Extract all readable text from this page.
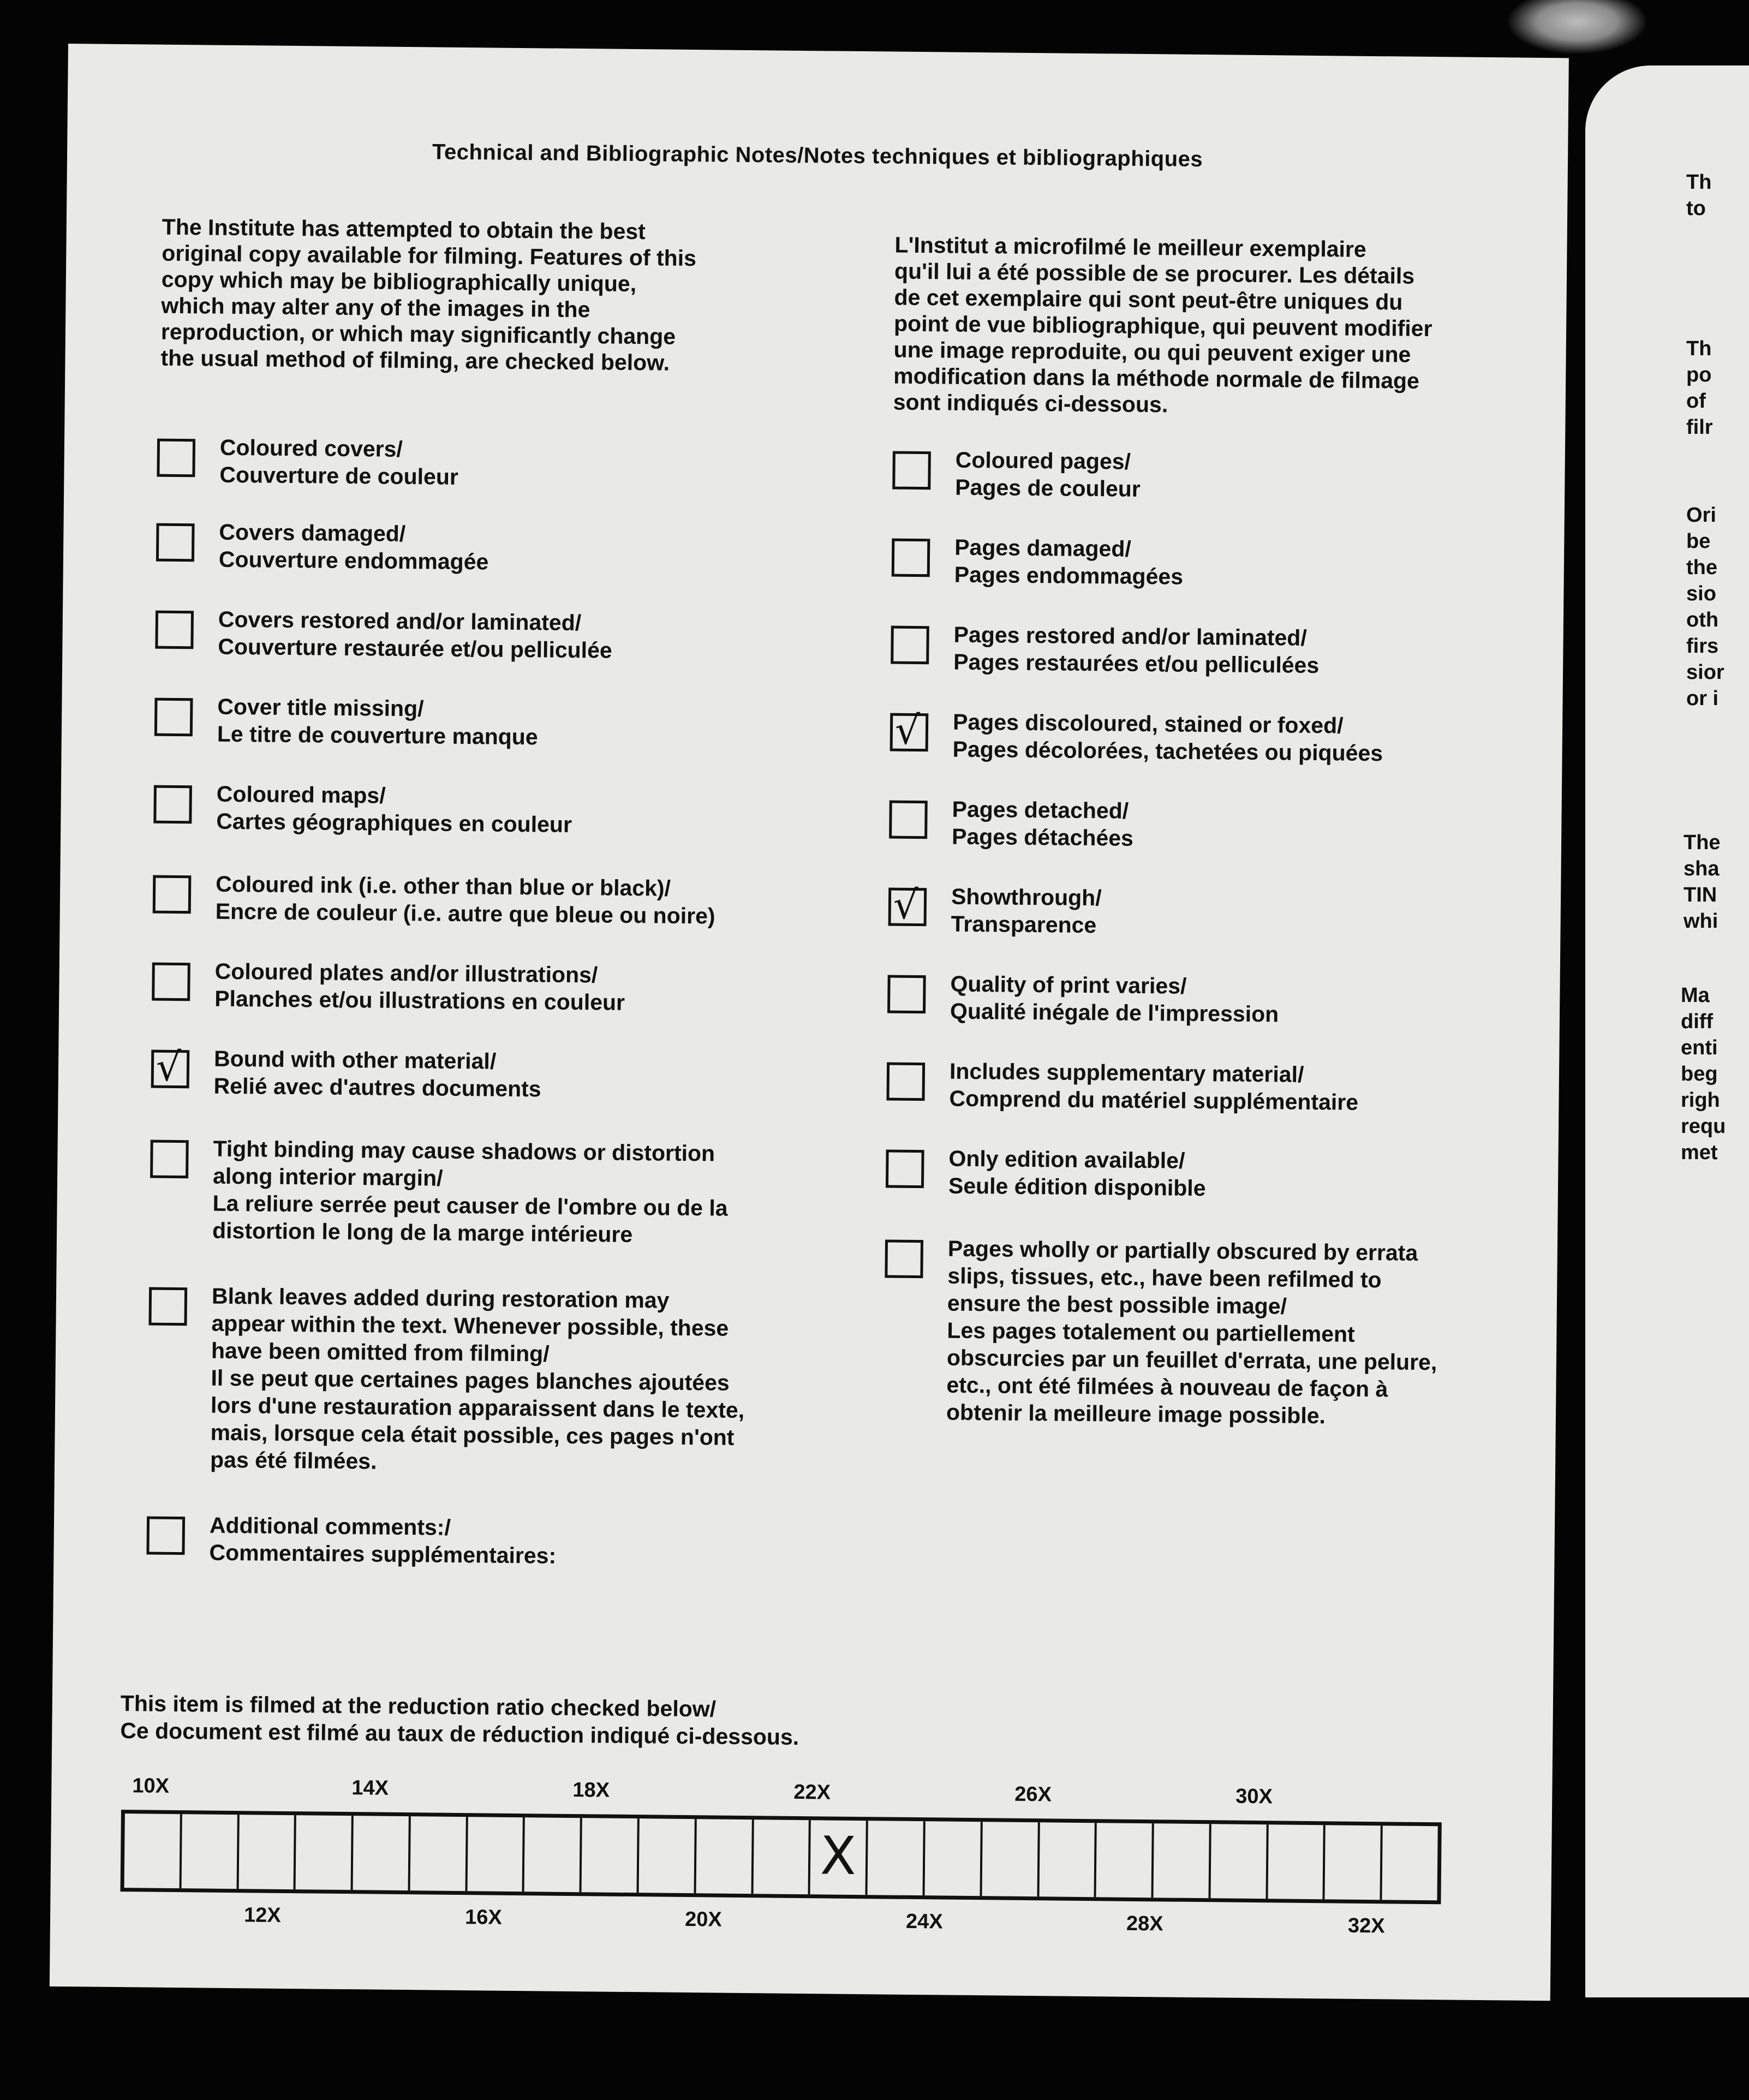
Technical and Bibliographic Notes/Notes techniques et bibliographiques
The Institute has attempted to obtain the best
original copy available for filming. Features of this
copy which may be bibliographically unique,
which may alter any of the images in the
reproduction, or which may significantly change
the usual method of filming, are checked below.
L'Institut a microfilmé le meilleur exemplaire
qu'il lui a été possible de se procurer. Les détails
de cet exemplaire qui sont peut-être uniques du
point de vue bibliographique, qui peuvent modifier
une image reproduite, ou qui peuvent exiger une
modification dans la méthode normale de filmage
sont indiqués ci-dessous.
Coloured covers/
Couverture de couleur
Covers damaged/
Couverture endommagée
Covers restored and/or laminated/
Couverture restaurée et/ou pelliculée
Cover title missing/
Le titre de couverture manque
Coloured maps/
Cartes géographiques en couleur
Coloured ink (i.e. other than blue or black)/
Encre de couleur (i.e. autre que bleue ou noire)
Coloured plates and/or illustrations/
Planches et/ou illustrations en couleur
√ Bound with other material/
Relié avec d'autres documents
Tight binding may cause shadows or distortion
along interior margin/
La reliure serrée peut causer de l'ombre ou de la
distortion le long de la marge intérieure
Blank leaves added during restoration may
appear within the text. Whenever possible, these
have been omitted from filming/
Il se peut que certaines pages blanches ajoutées
lors d'une restauration apparaissent dans le texte,
mais, lorsque cela était possible, ces pages n'ont
pas été filmées.
Additional comments:/
Commentaires supplémentaires:
Coloured pages/
Pages de couleur
Pages damaged/
Pages endommagées
Pages restored and/or laminated/
Pages restaurées et/ou pelliculées
√ Pages discoloured, stained or foxed/
Pages décolorées, tachetées ou piquées
Pages detached/
Pages détachées
√ Showthrough/
Transparence
Quality of print varies/
Qualité inégale de l'impression
Includes supplementary material/
Comprend du matériel supplémentaire
Only edition available/
Seule édition disponible
Pages wholly or partially obscured by errata
slips, tissues, etc., have been refilmed to
ensure the best possible image/
Les pages totalement ou partiellement
obscurcies par un feuillet d'errata, une pelure,
etc., ont été filmées à nouveau de façon à
obtenir la meilleure image possible.
This item is filmed at the reduction ratio checked below/
Ce document est filmé au taux de réduction indiqué ci-dessous.
10X	14X	18X	22X	26X	30X
X
12X	16X	20X	24X	28X	32X
Th
to
Th
po
of
filr
Ori
be
the
sio
oth
firs
sior
or i
The
sha
TIN
whi
Ma
diff
enti
beg
righ
requ
met
